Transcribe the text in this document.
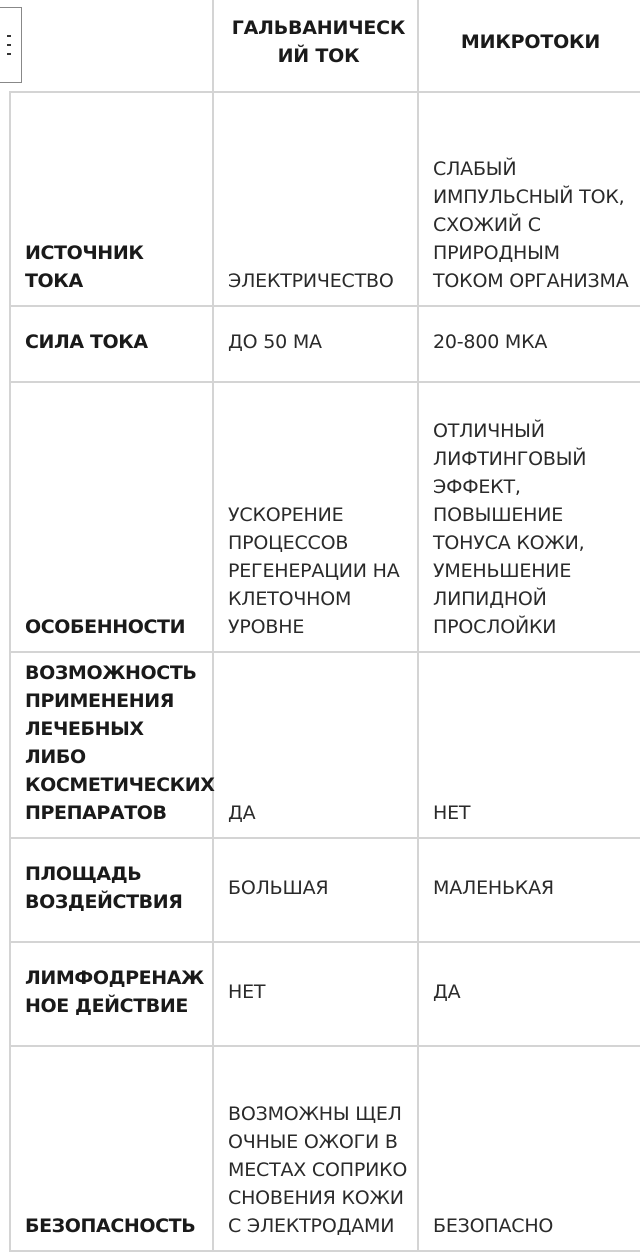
	ГАЛЬВАНИЧЕСКИЙ ТОК	МИКРОТОКИ
ИСТОЧНИК ТОКА	ЭЛЕКТРИЧЕСТВО	СЛАБЫЙ ИМПУЛЬСНЫЙ ТОК, СХОЖИЙ С ПРИРОДНЫМ ТОКОМ ОРГАНИЗМА
СИЛА ТОКА	ДО 50 МА	20-800 МКА
ОСОБЕННОСТИ	УСКОРЕНИЕ ПРОЦЕССОВ РЕГЕНЕРАЦИИ НА КЛЕТОЧНОМ УРОВНЕ	ОТЛИЧНЫЙ ЛИФТИНГОВЫЙ ЭФФЕКТ, ПОВЫШЕНИЕ ТОНУСА КОЖИ, УМЕНЬШЕНИЕ ЛИПИДНОЙ ПРОСЛОЙКИ
ВОЗМОЖНОСТЬ ПРИМЕНЕНИЯ ЛЕЧЕБНЫХ ЛИБО КОСМЕТИЧЕСКИХ ПРЕПАРАТОВ	ДА	НЕТ
ПЛОЩАДЬ ВОЗДЕЙСТВИЯ	БОЛЬШАЯ	МАЛЕНЬКАЯ
ЛИМФОДРЕНАЖНОЕ ДЕЙСТВИЕ	НЕТ	ДА
БЕЗОПАСНОСТЬ	ВОЗМОЖНЫ ЩЕЛОЧНЫЕ ОЖОГИ В МЕСТАХ СОПРИКОСНОВЕНИЯ КОЖИ С ЭЛЕКТРОДАМИ	БЕЗОПАСНО
